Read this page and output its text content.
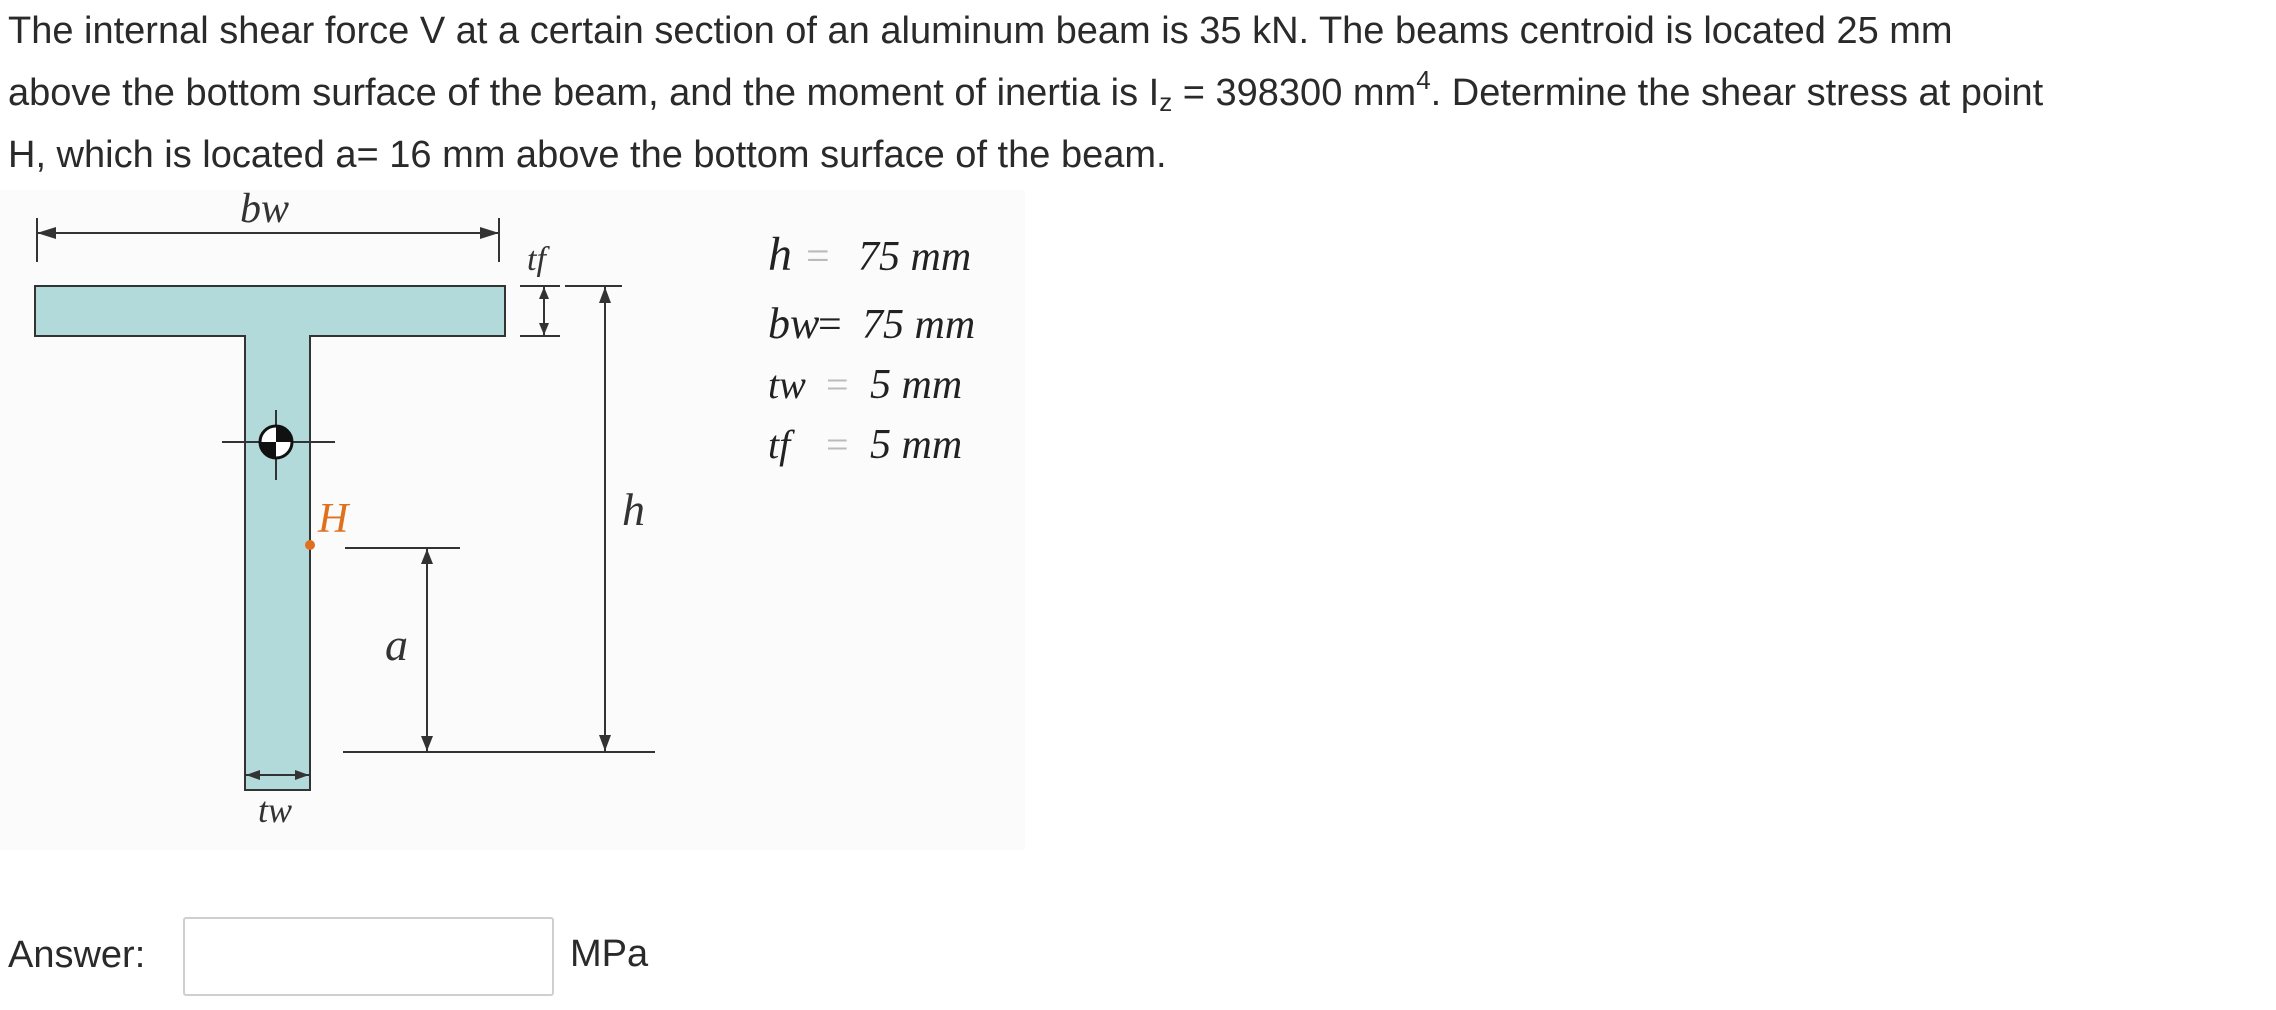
The internal shear force V at a certain section of an aluminum beam is 35 kN. The beams centroid is located 25 mm
above the bottom surface of the beam, and the moment of inertia is $I_z = 398300$ $mm^4$. Determine the shear stress at point
H, which is located a= 16 mm above the bottom surface of the beam.
bw
tf
h
a
H
tw
h = 75 mm
bw
= 75 mm
tw = 5 mm
tf = 5 mm
Answer:	MPa
